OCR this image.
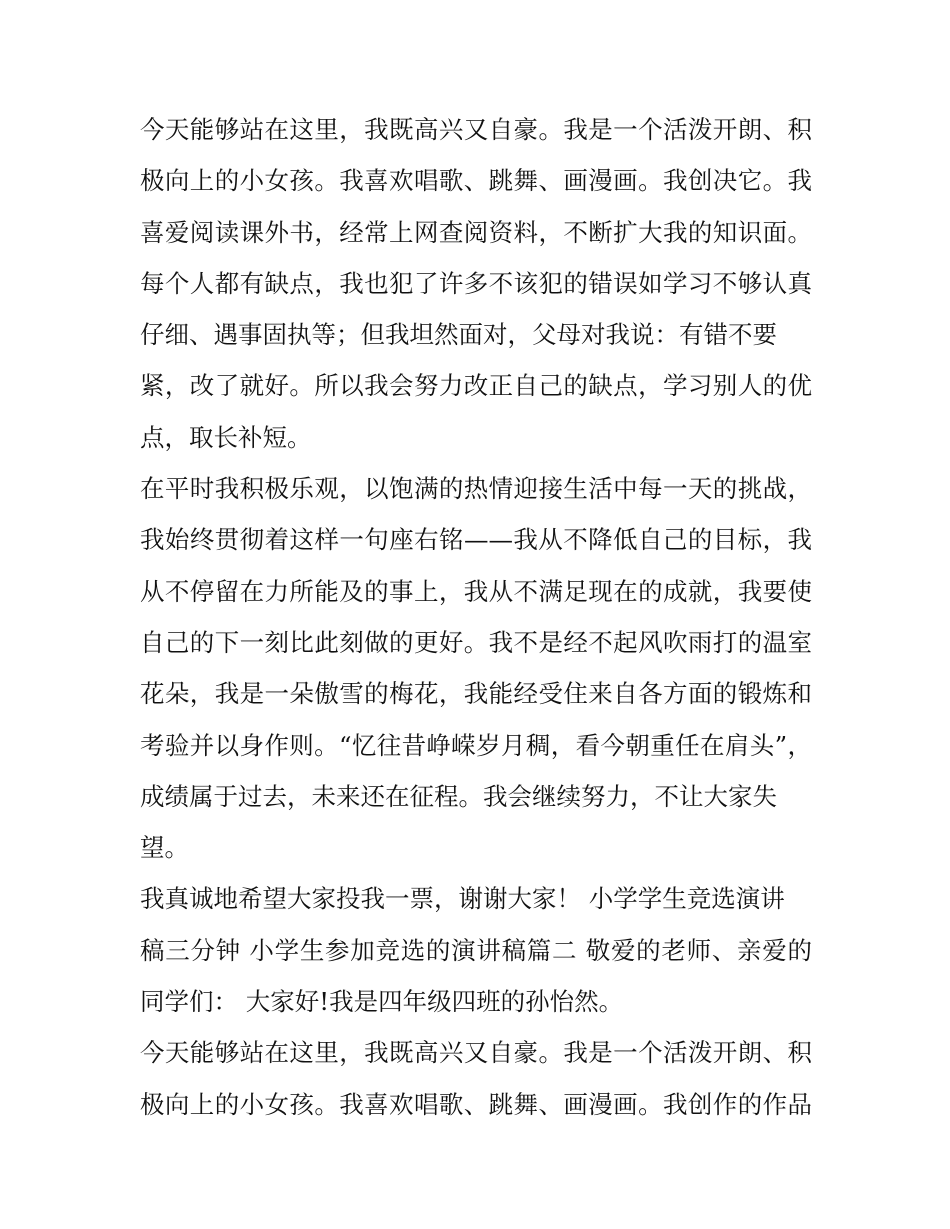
今天能够站在这里，我既高兴又自豪。我是一个活泼开朗、积
极向上的小女孩。我喜欢唱歌、跳舞、画漫画。我创决它。我
喜爱阅读课外书，经常上网查阅资料，不断扩大我的知识面。
每个人都有缺点，我也犯了许多不该犯的错误如学习不够认真
仔细、遇事固执等；但我坦然面对，父母对我说：有错不要
紧，改了就好。所以我会努力改正自己的缺点，学习别人的优
点，取长补短。
在平时我积极乐观，以饱满的热情迎接生活中每一天的挑战，
我始终贯彻着这样一句座右铭——我从不降低自己的目标，我
从不停留在力所能及的事上，我从不满足现在的成就，我要使
自己的下一刻比此刻做的更好。我不是经不起风吹雨打的温室
花朵，我是一朵傲雪的梅花，我能经受住来自各方面的锻炼和
考验并以身作则。“忆往昔峥嵘岁月稠，看今朝重任在肩头”，
成绩属于过去，未来还在征程。我会继续努力，不让大家失
望。
我真诚地希望大家投我一票，谢谢大家！ 小学学生竞选演讲
稿三分钟 小学生参加竞选的演讲稿篇二 敬爱的老师、亲爱的
同学们： 大家好!我是四年级四班的孙怡然。
今天能够站在这里，我既高兴又自豪。我是一个活泼开朗、积
极向上的小女孩。我喜欢唱歌、跳舞、画漫画。我创作的作品
